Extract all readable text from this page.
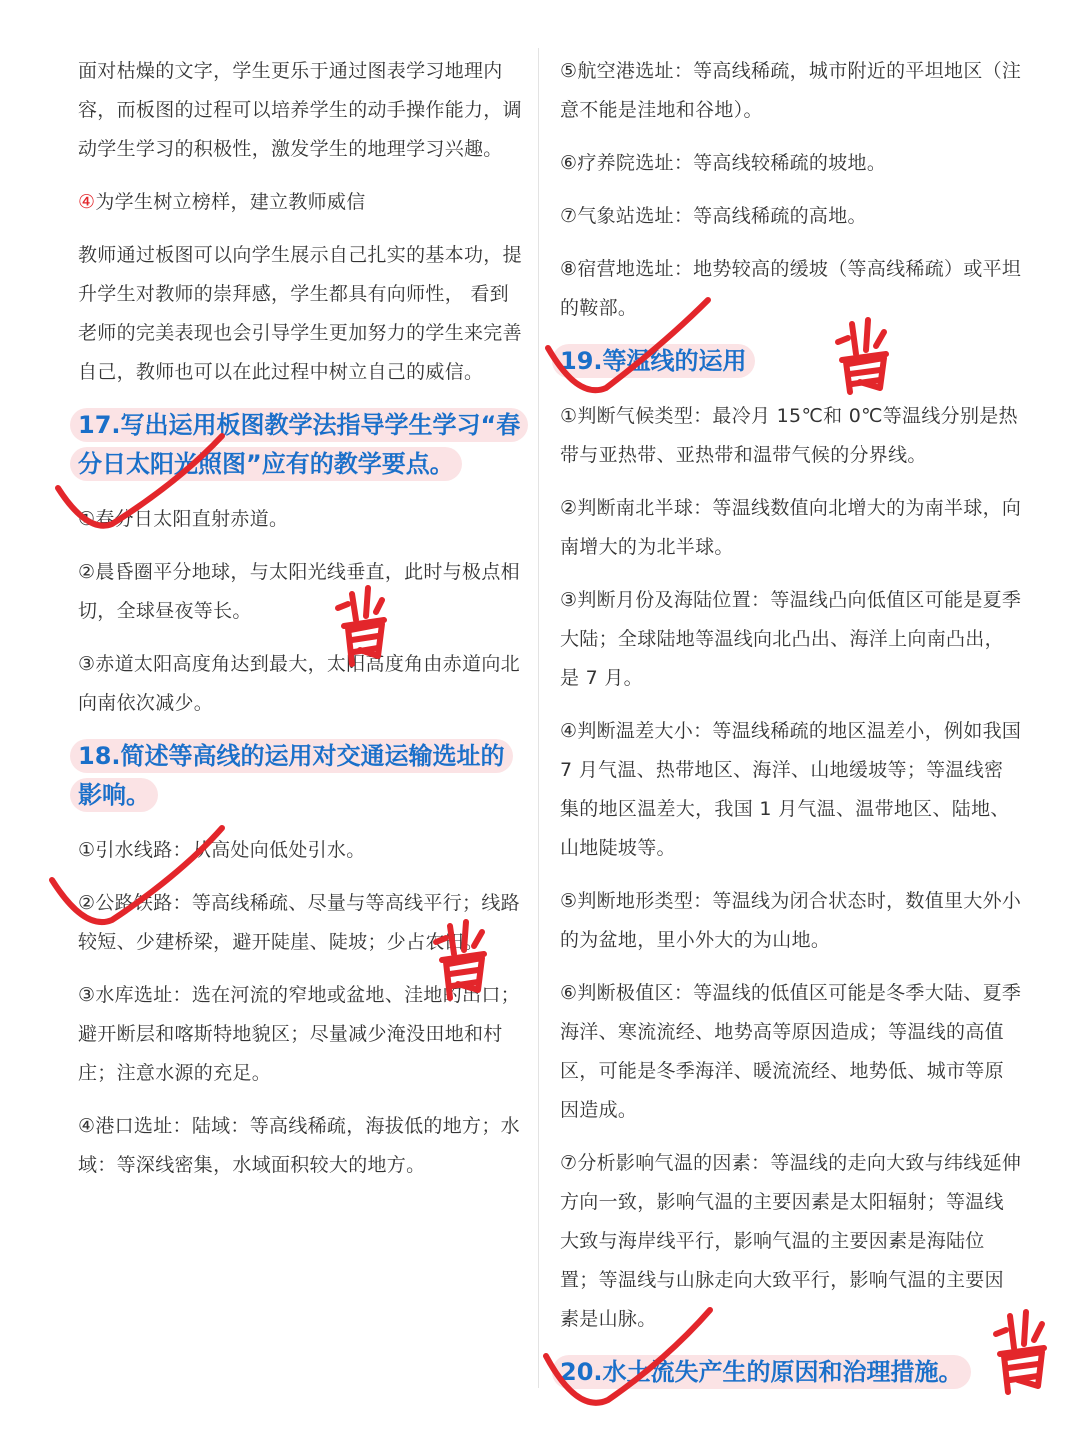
面对枯燥的文字，学生更乐于通过图表学习地理内容，而板图的过程可以培养学生的动手操作能力，调动学生学习的积极性，激发学生的地理学习兴趣。

④为学生树立榜样，建立教师威信

教师通过板图可以向学生展示自己扎实的基本功，提升学生对教师的崇拜感，学生都具有向师性， 看到老师的完美表现也会引导学生更加努力的学生来完善自己，教师也可以在此过程中树立自己的威信。

17.写出运用板图教学法指导学生学习“春分日太阳光照图”应有的教学要点。

①春分日太阳直射赤道。

②晨昏圈平分地球，与太阳光线垂直，此时与极点相切，全球昼夜等长。

③赤道太阳高度角达到最大，太阳高度角由赤道向北向南依次减少。

18.简述等高线的运用对交通运输选址的影响。

①引水线路：从高处向低处引水。

②公路铁路：等高线稀疏、尽量与等高线平行；线路较短、少建桥梁，避开陡崖、陡坡；少占农田。

③水库选址：选在河流的窄地或盆地、洼地的出口；避开断层和喀斯特地貌区；尽量减少淹没田地和村庄；注意水源的充足。

④港口选址：陆域：等高线稀疏，海拔低的地方；水域：等深线密集，水域面积较大的地方。

⑤航空港选址：等高线稀疏，城市附近的平坦地区（注意不能是洼地和谷地）。

⑥疗养院选址：等高线较稀疏的坡地。

⑦气象站选址：等高线稀疏的高地。

⑧宿营地选址：地势较高的缓坡（等高线稀疏）或平坦的鞍部。

19.等温线的运用

①判断气候类型：最冷月 15℃和 0℃等温线分别是热带与亚热带、亚热带和温带气候的分界线。

②判断南北半球：等温线数值向北增大的为南半球，向南增大的为北半球。

③判断月份及海陆位置：等温线凸向低值区可能是夏季大陆；全球陆地等温线向北凸出、海洋上向南凸出，是 7 月。

④判断温差大小：等温线稀疏的地区温差小，例如我国 7 月气温、热带地区、海洋、山地缓坡等；等温线密集的地区温差大，我国 1 月气温、温带地区、陆地、山地陡坡等。

⑤判断地形类型：等温线为闭合状态时，数值里大外小的为盆地，里小外大的为山地。

⑥判断极值区：等温线的低值区可能是冬季大陆、夏季海洋、寒流流经、地势高等原因造成；等温线的高值区，可能是冬季海洋、暖流流经、地势低、城市等原因造成。

⑦分析影响气温的因素：等温线的走向大致与纬线延伸方向一致，影响气温的主要因素是太阳辐射；等温线大致与海岸线平行，影响气温的主要因素是海陆位置；等温线与山脉走向大致平行，影响气温的主要因素是山脉。

20.水土流失产生的原因和治理措施。
